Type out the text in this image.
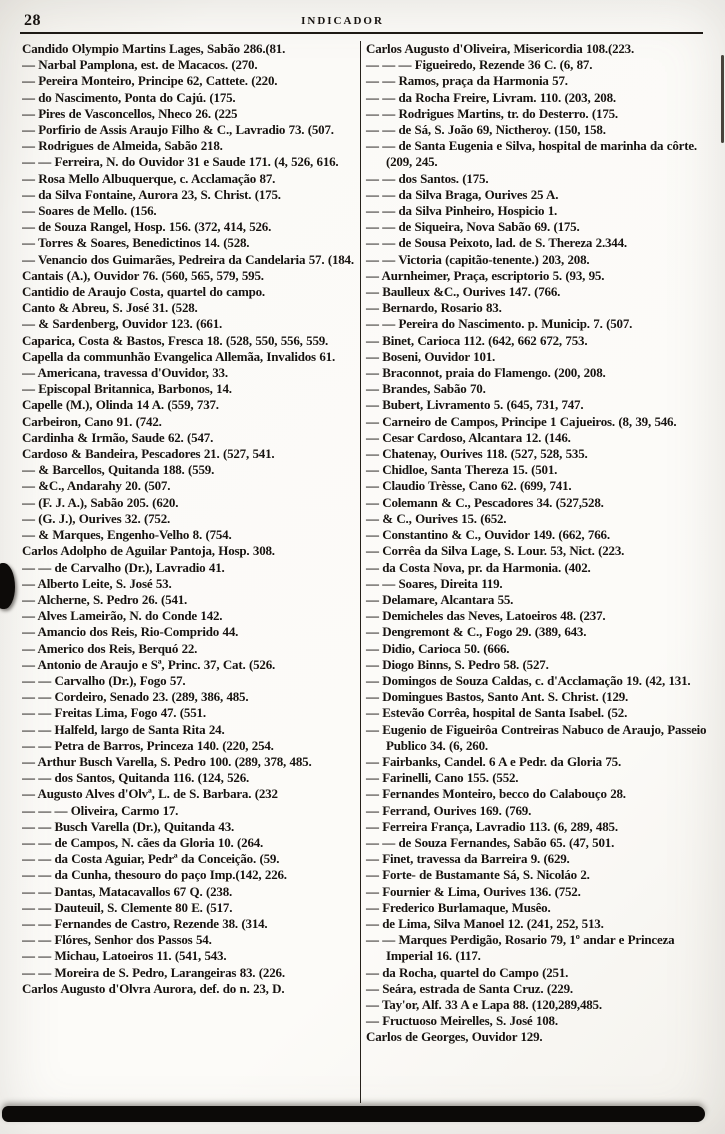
28	INDICADOR
Candido Olympio Martins Lages, Sabão 286.(81.
— Narbal Pamplona, est. de Macacos. (270.
— Pereira Monteiro, Principe 62, Cattete. (220.
— do Nascimento, Ponta do Cajú. (175.
— Pires de Vasconcellos, Nheco 26. (225
— Porfirio de Assis Araujo Filho & C., Lavradio 73. (507.
— Rodrigues de Almeida, Sabão 218.
— — Ferreira, N. do Ouvidor 31 e Saude 171. (4, 526, 616.
— Rosa Mello Albuquerque, c. Acclamação 87.
— da Silva Fontaine, Aurora 23, S. Christ. (175.
— Soares de Mello. (156.
— de Souza Rangel, Hosp. 156. (372, 414, 526.
— Torres & Soares, Benedictinos 14. (528.
— Venancio dos Guimarães, Pedreira da Candelaria 57. (184.
Cantais (A.), Ouvidor 76. (560, 565, 579, 595.
Cantidio de Araujo Costa, quartel do campo.
Canto & Abreu, S. José 31. (528.
— & Sardenberg, Ouvidor 123. (661.
Caparica, Costa & Bastos, Fresca 18. (528, 550, 556, 559.
Capella da communhão Evangelica Allemãa, Invalidos 61.
— Americana, travessa d'Ouvidor, 33.
— Episcopal Britannica, Barbonos, 14.
Capelle (M.), Olinda 14 A. (559, 737.
Carbeiron, Cano 91. (742.
Cardinha & Irmão, Saude 62. (547.
Cardoso & Bandeira, Pescadores 21. (527, 541.
— & Barcellos, Quitanda 188. (559.
— &C., Andarahy 20. (507.
— (F. J. A.), Sabão 205. (620.
— (G. J.), Ourives 32. (752.
— & Marques, Engenho-Velho 8. (754.
Carlos Adolpho de Aguilar Pantoja, Hosp. 308.
— — de Carvalho (Dr.), Lavradio 41.
— Alberto Leite, S. José 53.
— Alcherne, S. Pedro 26. (541.
— Alves Lameirão, N. do Conde 142.
— Amancio dos Reis, Rio-Comprido 44.
— Americo dos Reis, Berquó 22.
— Antonio de Araujo e Sª, Princ. 37, Cat. (526.
— — Carvalho (Dr.), Fogo 57.
— — Cordeiro, Senado 23. (289, 386, 485.
— — Freitas Lima, Fogo 47. (551.
— — Halfeld, largo de Santa Rita 24.
— — Petra de Barros, Princeza 140. (220, 254.
— Arthur Busch Varella, S. Pedro 100. (289, 378, 485.
— — dos Santos, Quitanda 116. (124, 526.
— Augusto Alves d'Olvª, L. de S. Barbara. (232
— — — Oliveira, Carmo 17.
— — Busch Varella (Dr.), Quitanda 43.
— — de Campos, N. cães da Gloria 10. (264.
— — da Costa Aguiar, Pedrª da Conceição. (59.
— — da Cunha, thesouro do paço Imp.(142, 226.
— — Dantas, Matacavallos 67 Q. (238.
— — Dauteuil, S. Clemente 80 E. (517.
— — Fernandes de Castro, Rezende 38. (314.
— — Flóres, Senhor dos Passos 54.
— — Michau, Latoeiros 11. (541, 543.
— — Moreira de S. Pedro, Larangeiras 83. (226.
Carlos Augusto d'Olvra Aurora, def. do n. 23, D.
Carlos Augusto d'Oliveira, Misericordia 108.(223.
— — — Figueiredo, Rezende 36 C. (6, 87.
— — Ramos, praça da Harmonia 57.
— — da Rocha Freire, Livram. 110. (203, 208.
— — Rodrigues Martins, tr. do Desterro. (175.
— — de Sá, S. João 69, Nictheroy. (150, 158.
— — de Santa Eugenia e Silva, hospital de marinha da côrte. (209, 245.
— — dos Santos. (175.
— — da Silva Braga, Ourives 25 A.
— — da Silva Pinheiro, Hospicio 1.
— — de Siqueira, Nova Sabão 69. (175.
— — de Sousa Peixoto, lad. de S. Thereza 2.344.
— — Victoria (capitão-tenente.) 203, 208.
— Aurnheimer, Praça, escriptorio 5. (93, 95.
— Baulleux &C., Ourives 147. (766.
— Bernardo, Rosario 83.
— — Pereira do Nascimento. p. Municip. 7. (507.
— Binet, Carioca 112. (642, 662 672, 753.
— Boseni, Ouvidor 101.
— Braconnot, praia do Flamengo. (200, 208.
— Brandes, Sabão 70.
— Bubert, Livramento 5. (645, 731, 747.
— Carneiro de Campos, Principe 1 Cajueiros. (8, 39, 546.
— Cesar Cardoso, Alcantara 12. (146.
— Chatenay, Ourives 118. (527, 528, 535.
— Chidloe, Santa Thereza 15. (501.
— Claudio Trèsse, Cano 62. (699, 741.
— Colemann & C., Pescadores 34. (527,528.
— & C., Ourives 15. (652.
— Constantino & C., Ouvidor 149. (662, 766.
— Corrêa da Silva Lage, S. Lour. 53, Nict. (223.
— da Costa Nova, pr. da Harmonia. (402.
— — Soares, Direita 119.
— Delamare, Alcantara 55.
— Demicheles das Neves, Latoeiros 48. (237.
— Dengremont & C., Fogo 29. (389, 643.
— Didio, Carioca 50. (666.
— Diogo Binns, S. Pedro 58. (527.
— Domingos de Souza Caldas, c. d'Acclamação 19. (42, 131.
— Domingues Bastos, Santo Ant. S. Christ. (129.
— Estevão Corrêa, hospital de Santa Isabel. (52.
— Eugenio de Figueirôa Contreiras Nabuco de Araujo, Passeio Publico 34. (6, 260.
— Fairbanks, Candel. 6 A e Pedr. da Gloria 75.
— Farinelli, Cano 155. (552.
— Fernandes Monteiro, becco do Calabouço 28.
— Ferrand, Ourives 169. (769.
— Ferreira França, Lavradio 113. (6, 289, 485.
— — de Souza Fernandes, Sabão 65. (47, 501.
— Finet, travessa da Barreira 9. (629.
— Forte- de Bustamante Sá, S. Nicoláo 2.
— Fournier & Lima, Ourives 136. (752.
— Frederico Burlamaque, Musêo.
— de Lima, Silva Manoel 12. (241, 252, 513.
— — Marques Perdigão, Rosario 79, 1º andar e Princeza Imperial 16. (117.
— da Rocha, quartel do Campo (251.
— Seára, estrada de Santa Cruz. (229.
— Tay'or, Alf. 33 A e Lapa 88. (120,289,485.
— Fructuoso Meirelles, S. José 108.
Carlos de Georges, Ouvidor 129.
